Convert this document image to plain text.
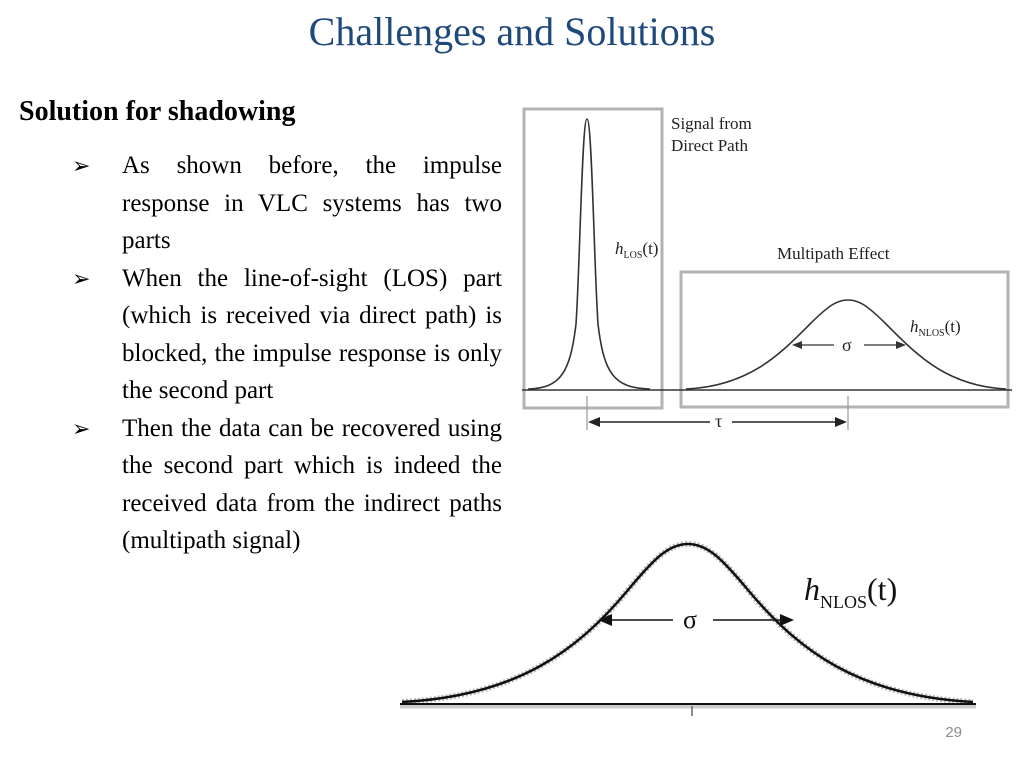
Challenges and Solutions
Solution for shadowing
➢	As shown before, the impulse response in VLC systems has two parts
➢	When the line-of-sight (LOS) part (which is received via direct path) is blocked, the impulse response is only the second part
➢	Then the data can be recovered using the second part which is indeed the received data from the indirect paths (multipath signal)
σ
$h_{LOS}(t)$
$h_{NLOS}(t)$
Signal from Direct Path
Multipath Effect
τ
σ
$h_{NLOS}(t)$
29
